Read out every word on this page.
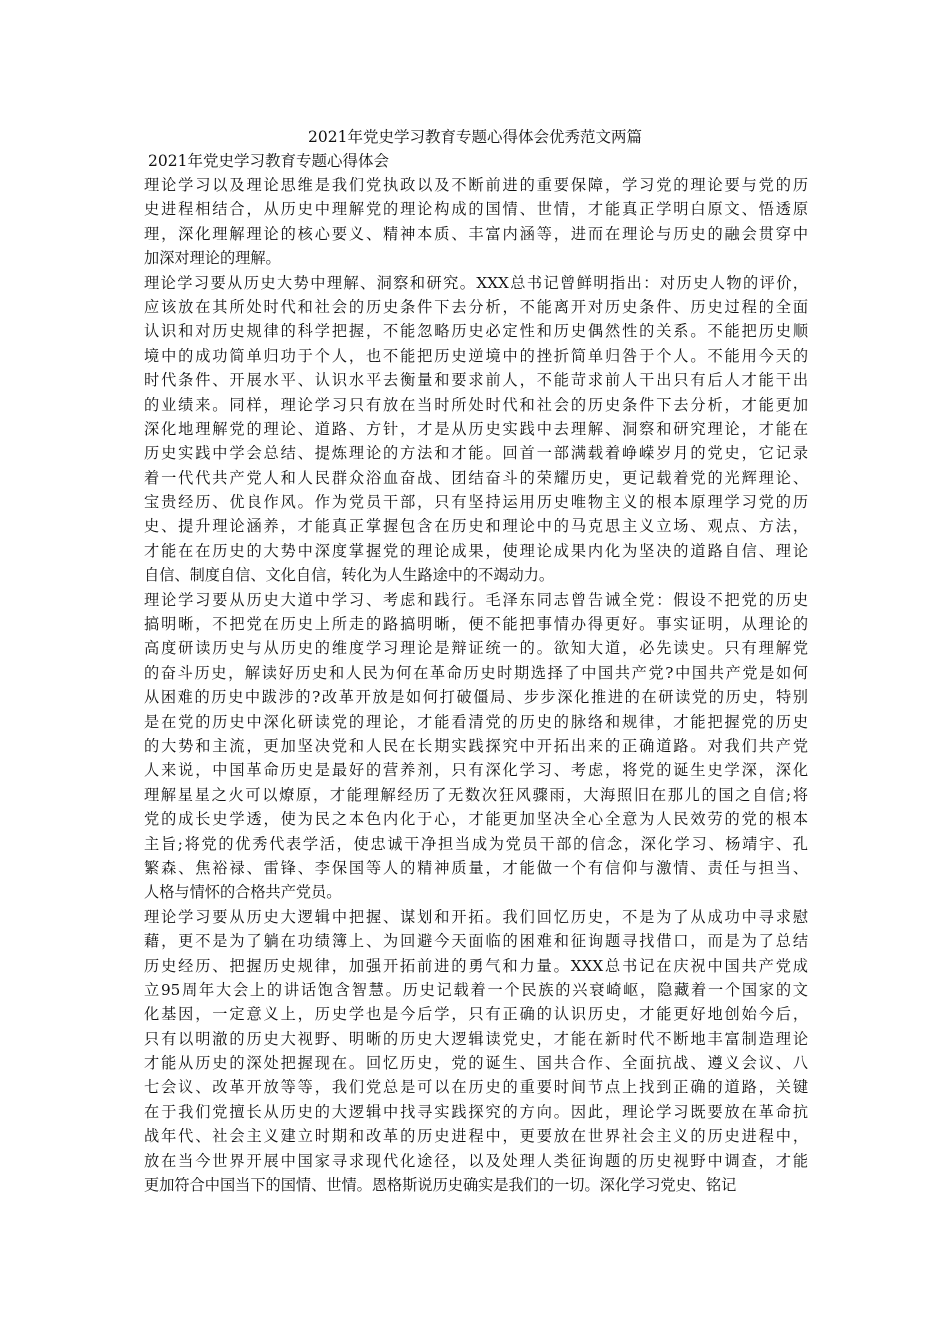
2021年党史学习教育专题心得体会优秀范文两篇
2021年党史学习教育专题心得体会
理论学习以及理论思维是我们党执政以及不断前进的重要保障，学习党的理论要与党的历
史进程相结合，从历史中理解党的理论构成的国情、世情，才能真正学明白原文、悟透原
理，深化理解理论的核心要义、精神本质、丰富内涵等，进而在理论与历史的融会贯穿中
加深对理论的理解。
理论学习要从历史大势中理解、洞察和研究。XXX总书记曾鲜明指出：对历史人物的评价，
应该放在其所处时代和社会的历史条件下去分析，不能离开对历史条件、历史过程的全面
认识和对历史规律的科学把握，不能忽略历史必定性和历史偶然性的关系。不能把历史顺
境中的成功简单归功于个人，也不能把历史逆境中的挫折简单归咎于个人。不能用今天的
时代条件、开展水平、认识水平去衡量和要求前人，不能苛求前人干出只有后人才能干出
的业绩来。同样，理论学习只有放在当时所处时代和社会的历史条件下去分析，才能更加
深化地理解党的理论、道路、方针，才是从历史实践中去理解、洞察和研究理论，才能在
历史实践中学会总结、提炼理论的方法和才能。回首一部满载着峥嵘岁月的党史，它记录
着一代代共产党人和人民群众浴血奋战、团结奋斗的荣耀历史，更记载着党的光辉理论、
宝贵经历、优良作风。作为党员干部，只有坚持运用历史唯物主义的根本原理学习党的历
史、提升理论涵养，才能真正掌握包含在历史和理论中的马克思主义立场、观点、方法，
才能在在历史的大势中深度掌握党的理论成果，使理论成果内化为坚决的道路自信、理论
自信、制度自信、文化自信，转化为人生路途中的不竭动力。
理论学习要从历史大道中学习、考虑和践行。毛泽东同志曾告诫全党：假设不把党的历史
搞明晰，不把党在历史上所走的路搞明晰，便不能把事情办得更好。事实证明，从理论的
高度研读历史与从历史的维度学习理论是辩证统一的。欲知大道，必先读史。只有理解党
的奋斗历史，解读好历史和人民为何在革命历史时期选择了中国共产党?中国共产党是如何
从困难的历史中跋涉的?改革开放是如何打破僵局、步步深化推进的在研读党的历史，特别
是在党的历史中深化研读党的理论，才能看清党的历史的脉络和规律，才能把握党的历史
的大势和主流，更加坚决党和人民在长期实践探究中开拓出来的正确道路。对我们共产党
人来说，中国革命历史是最好的营养剂，只有深化学习、考虑，将党的诞生史学深，深化
理解星星之火可以燎原，才能理解经历了无数次狂风骤雨，大海照旧在那儿的国之自信;将
党的成长史学透，使为民之本色内化于心，才能更加坚决全心全意为人民效劳的党的根本
主旨;将党的优秀代表学活，使忠诚干净担当成为党员干部的信念，深化学习、杨靖宇、孔
繁森、焦裕禄、雷锋、李保国等人的精神质量，才能做一个有信仰与激情、责任与担当、
人格与情怀的合格共产党员。
理论学习要从历史大逻辑中把握、谋划和开拓。我们回忆历史，不是为了从成功中寻求慰
藉，更不是为了躺在功绩簿上、为回避今天面临的困难和征询题寻找借口，而是为了总结
历史经历、把握历史规律，加强开拓前进的勇气和力量。XXX总书记在庆祝中国共产党成
立95周年大会上的讲话饱含智慧。历史记载着一个民族的兴衰崎岖，隐藏着一个国家的文
化基因，一定意义上，历史学也是今后学，只有正确的认识历史，才能更好地创始今后，
只有以明澈的历史大视野、明晰的历史大逻辑读党史，才能在新时代不断地丰富制造理论
才能从历史的深处把握现在。回忆历史，党的诞生、国共合作、全面抗战、遵义会议、八
七会议、改革开放等等，我们党总是可以在历史的重要时间节点上找到正确的道路，关键
在于我们党擅长从历史的大逻辑中找寻实践探究的方向。因此，理论学习既要放在革命抗
战年代、社会主义建立时期和改革的历史进程中，更要放在世界社会主义的历史进程中，
放在当今世界开展中国家寻求现代化途径，以及处理人类征询题的历史视野中调查，才能
更加符合中国当下的国情、世情。恩格斯说历史确实是我们的一切。深化学习党史、铭记
